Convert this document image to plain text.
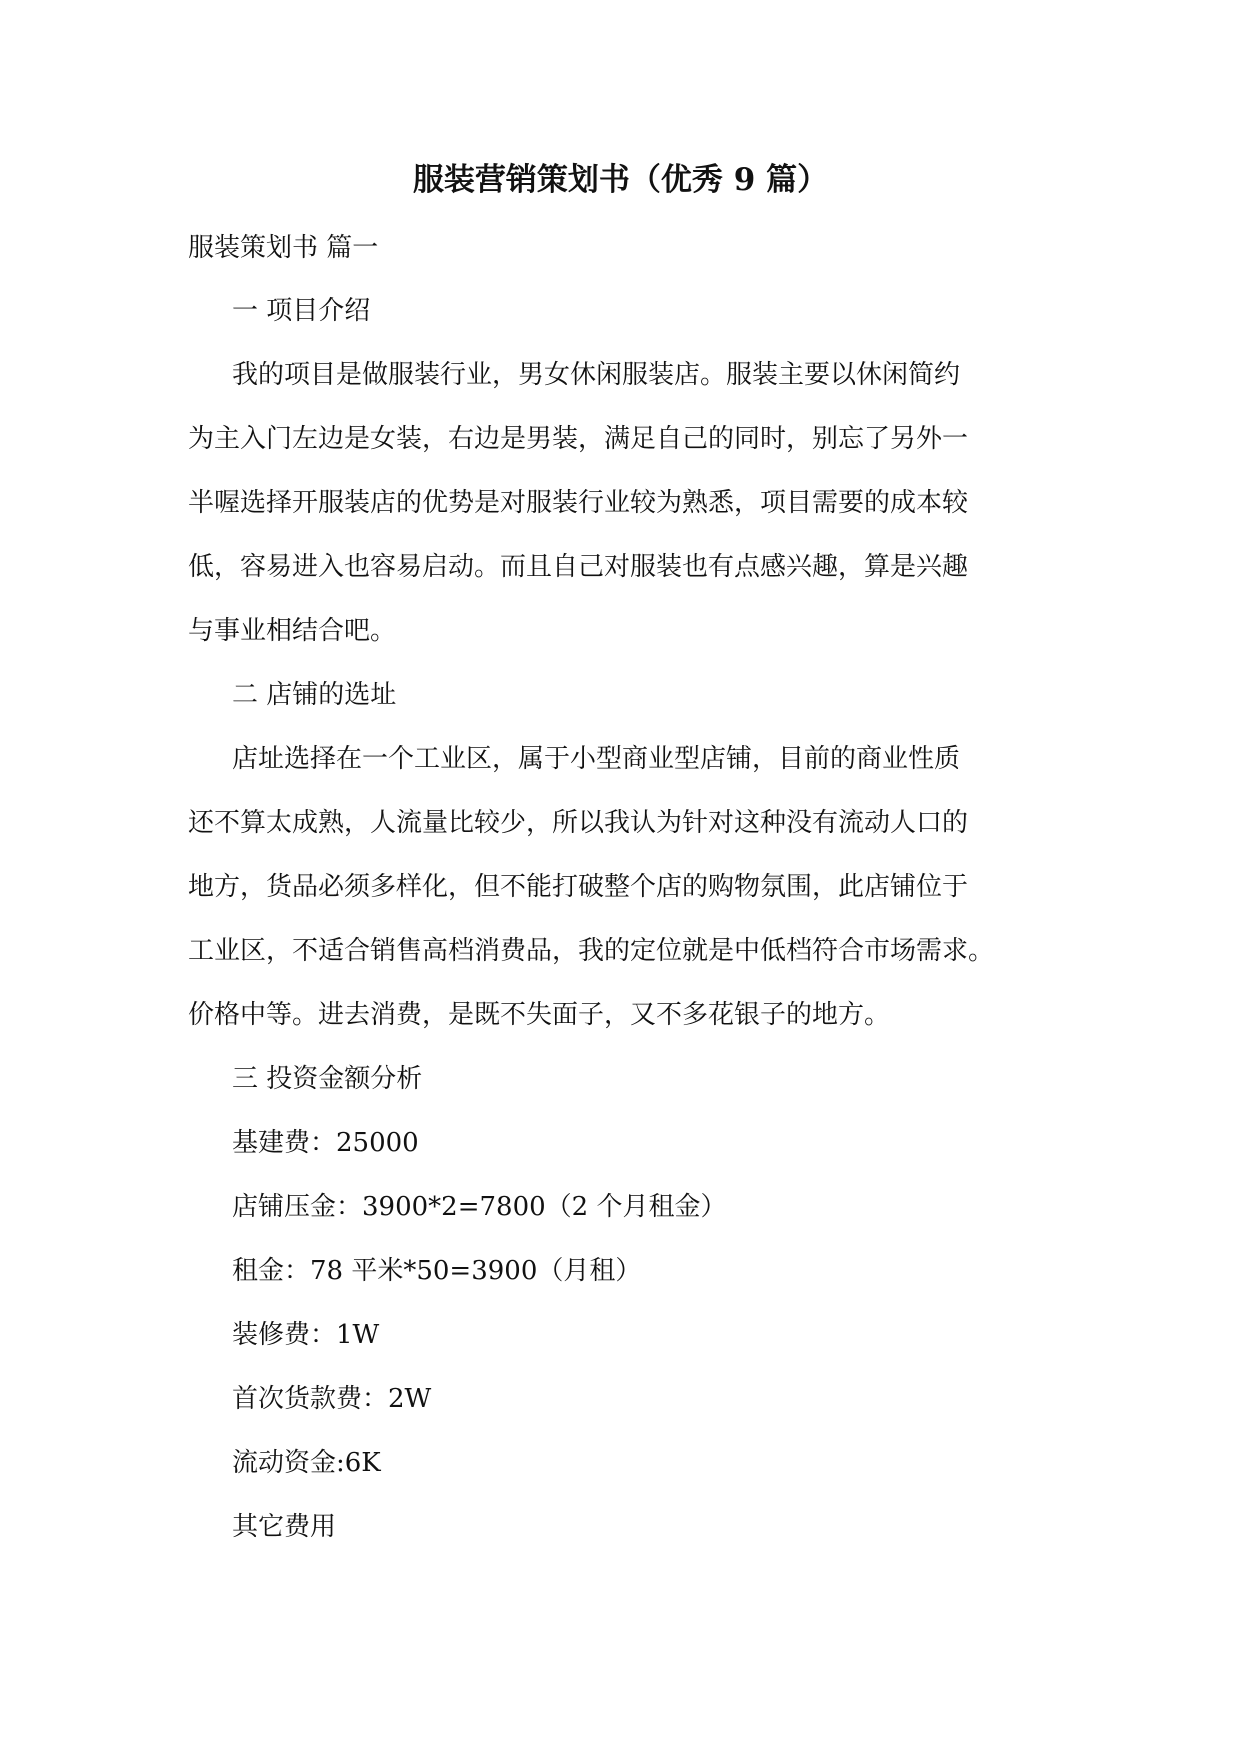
服装营销策划书（优秀 9 篇）
服装策划书 篇一
一 项目介绍
我的项目是做服装行业，男女休闲服装店。服装主要以休闲简约
为主入门左边是女装，右边是男装，满足自己的同时，别忘了另外一
半喔选择开服装店的优势是对服装行业较为熟悉，项目需要的成本较
低，容易进入也容易启动。而且自己对服装也有点感兴趣，算是兴趣
与事业相结合吧。
二 店铺的选址
店址选择在一个工业区，属于小型商业型店铺，目前的商业性质
还不算太成熟，人流量比较少，所以我认为针对这种没有流动人口的
地方，货品必须多样化，但不能打破整个店的购物氛围，此店铺位于
工业区，不适合销售高档消费品，我的定位就是中低档符合市场需求。
价格中等。进去消费，是既不失面子，又不多花银子的地方。
三 投资金额分析
基建费：25000
店铺压金：3900*2=7800（2 个月租金）
租金：78 平米*50=3900（月租）
装修费：1W
首次货款费：2W
流动资金:6K
其它费用
